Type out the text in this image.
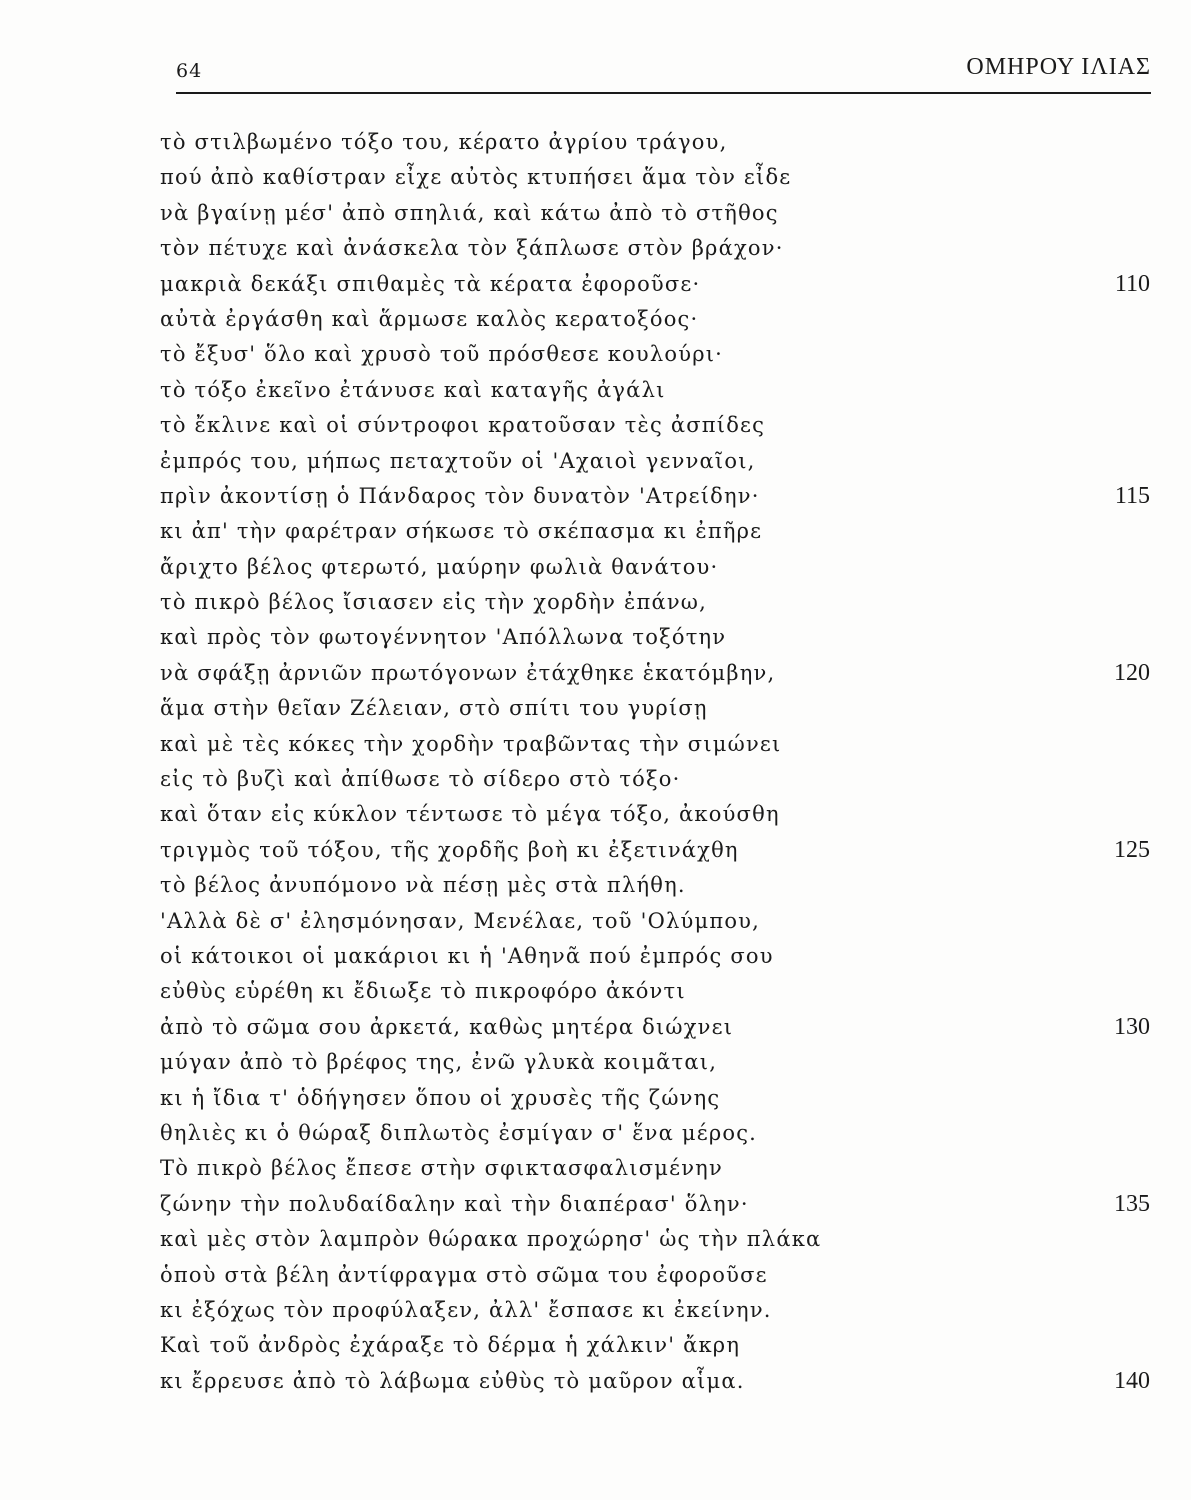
64	ΟΜΗΡΟΥ ΙΛΙΑΣ
τὸ στιλβωμένο τόξο του, κέρατο ἀγρίου τράγου,
πού ἀπὸ καθίστραν εἶχε αὐτὸς κτυπήσει ἅμα τὸν εἶδε
νὰ βγαίνῃ μέσ' ἀπὸ σπηλιά, καὶ κάτω ἀπὸ τὸ στῆθος
τὸν πέτυχε καὶ ἀνάσκελα τὸν ξάπλωσε στὸν βράχον·
μακριὰ δεκάξι σπιθαμὲς τὰ κέρατα ἐφοροῦσε·	110
αὐτὰ ἐργάσθη καὶ ἅρμωσε καλὸς κερατοξόος·
τὸ ἔξυσ' ὅλο καὶ χρυσὸ τοῦ πρόσθεσε κουλούρι·
τὸ τόξο ἐκεῖνο ἐτάνυσε καὶ καταγῆς ἀγάλι
τὸ ἔκλινε καὶ οἱ σύντροφοι κρατοῦσαν τὲς ἀσπίδες
ἐμπρός του, μήπως πεταχτοῦν οἱ 'Αχαιοὶ γενναῖοι,
πρὶν ἀκοντίσῃ ὁ Πάνδαρος τὸν δυνατὸν 'Ατρείδην·	115
κι ἀπ' τὴν φαρέτραν σήκωσε τὸ σκέπασμα κι ἐπῆρε
ἄριχτο βέλος φτερωτό, μαύρην φωλιὰ θανάτου·
τὸ πικρὸ βέλος ἴσιασεν εἰς τὴν χορδὴν ἐπάνω,
καὶ πρὸς τὸν φωτογέννητον 'Απόλλωνα τοξότην
νὰ σφάξῃ ἀρνιῶν πρωτόγονων ἐτάχθηκε ἑκατόμβην,	120
ἅμα στὴν θεῖαν Ζέλειαν, στὸ σπίτι του γυρίσῃ
καὶ μὲ τὲς κόκες τὴν χορδὴν τραβῶντας τὴν σιμώνει
εἰς τὸ βυζὶ καὶ ἀπίθωσε τὸ σίδερο στὸ τόξο·
καὶ ὅταν εἰς κύκλον τέντωσε τὸ μέγα τόξο, ἀκούσθη
τριγμὸς τοῦ τόξου, τῆς χορδῆς βοὴ κι ἐξετινάχθη	125
τὸ βέλος ἀνυπόμονο νὰ πέσῃ μὲς στὰ πλήθη.
'Αλλὰ δὲ σ' ἐλησμόνησαν, Μενέλαε, τοῦ 'Ολύμπου,
οἱ κάτοικοι οἱ μακάριοι κι ἡ 'Αθηνᾶ πού ἐμπρός σου
εὐθὺς εὑρέθη κι ἔδιωξε τὸ πικροφόρο ἀκόντι
ἀπὸ τὸ σῶμα σου ἀρκετά, καθὼς μητέρα διώχνει	130
μύγαν ἀπὸ τὸ βρέφος της, ἐνῶ γλυκὰ κοιμᾶται,
κι ἡ ἴδια τ' ὁδήγησεν ὅπου οἱ χρυσὲς τῆς ζώνης
θηλιὲς κι ὁ θώραξ διπλωτὸς ἐσμίγαν σ' ἕνα μέρος.
Τὸ πικρὸ βέλος ἔπεσε στὴν σφικτασφαλισμένην
ζώνην τὴν πολυδαίδαλην καὶ τὴν διαπέρασ' ὅλην·	135
καὶ μὲς στὸν λαμπρὸν θώρακα προχώρησ' ὡς τὴν πλάκα
ὁποὺ στὰ βέλη ἀντίφραγμα στὸ σῶμα του ἐφοροῦσε
κι ἐξόχως τὸν προφύλαξεν, ἀλλ' ἔσπασε κι ἐκείνην.
Καὶ τοῦ ἀνδρὸς ἐχάραξε τὸ δέρμα ἡ χάλκιν' ἄκρη
κι ἔρρευσε ἀπὸ τὸ λάβωμα εὐθὺς τὸ μαῦρον αἷμα.	140
